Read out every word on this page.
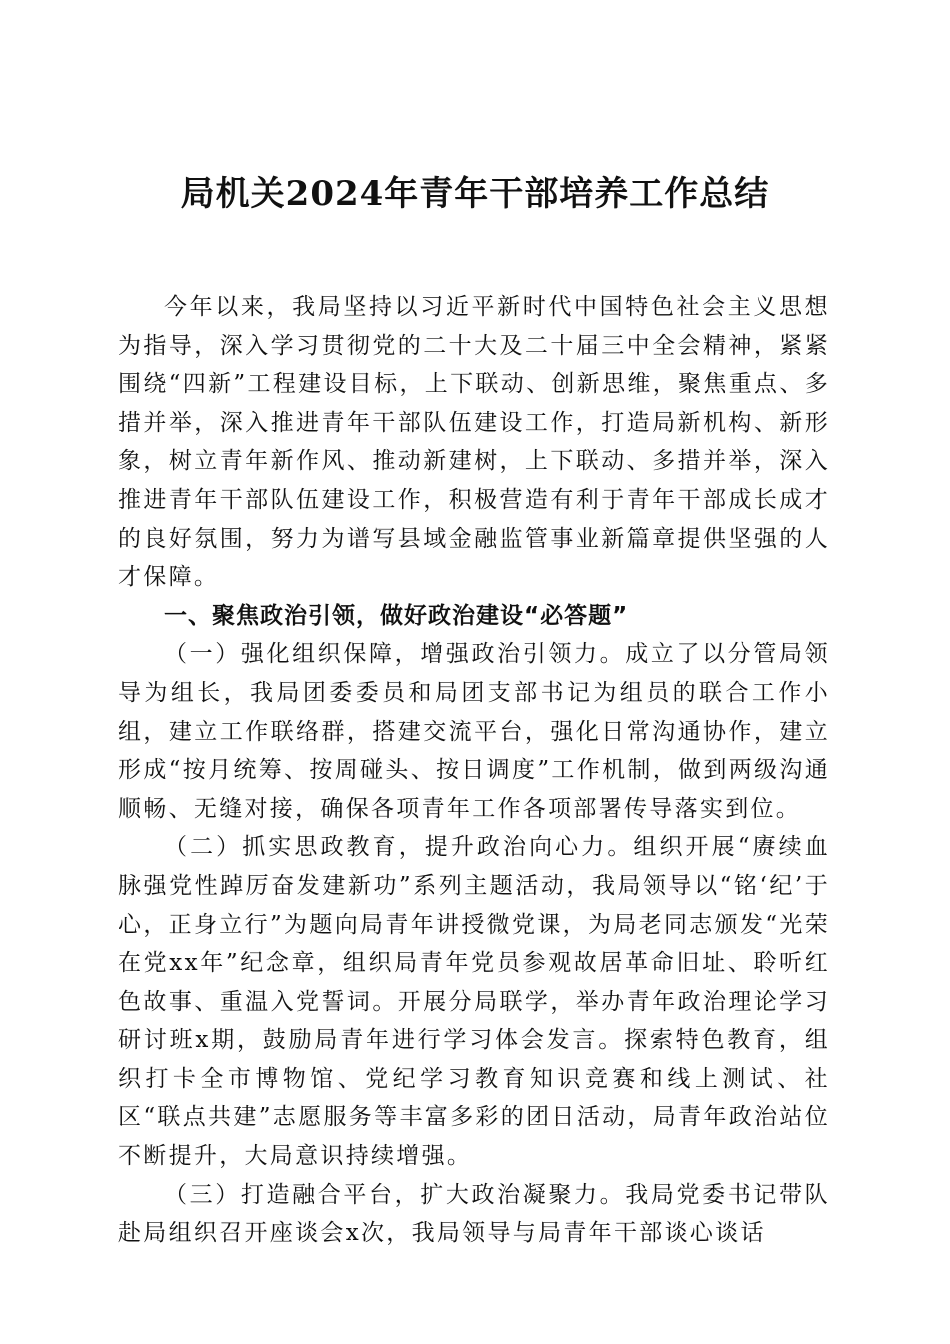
局机关2024年青年干部培养工作总结

今年以来，我局坚持以习近平新时代中国特色社会主义思想为指导，深入学习贯彻党的二十大及二十届三中全会精神，紧紧围绕“四新”工程建设目标，上下联动、创新思维，聚焦重点、多措并举，深入推进青年干部队伍建设工作，打造局新机构、新形象，树立青年新作风、推动新建树，上下联动、多措并举，深入推进青年干部队伍建设工作，积极营造有利于青年干部成长成才的良好氛围，努力为谱写县域金融监管事业新篇章提供坚强的人才保障。

一、聚焦政治引领，做好政治建设“必答题”

（一）强化组织保障，增强政治引领力。成立了以分管局领导为组长，我局团委委员和局团支部书记为组员的联合工作小组，建立工作联络群，搭建交流平台，强化日常沟通协作，建立形成“按月统筹、按周碰头、按日调度”工作机制，做到两级沟通顺畅、无缝对接，确保各项青年工作各项部署传导落实到位。

（二）抓实思政教育，提升政治向心力。组织开展“赓续血脉强党性踔厉奋发建新功”系列主题活动，我局领导以“铭‘纪’于心，正身立行”为题向局青年讲授微党课，为局老同志颁发“光荣在党xx年”纪念章，组织局青年党员参观故居革命旧址、聆听红色故事、重温入党誓词。开展分局联学，举办青年政治理论学习研讨班x期，鼓励局青年进行学习体会发言。探索特色教育，组织打卡全市博物馆、党纪学习教育知识竞赛和线上测试、社区“联点共建”志愿服务等丰富多彩的团日活动，局青年政治站位不断提升，大局意识持续增强。

（三）打造融合平台，扩大政治凝聚力。我局党委书记带队赴局组织召开座谈会x次，我局领导与局青年干部谈心谈话
